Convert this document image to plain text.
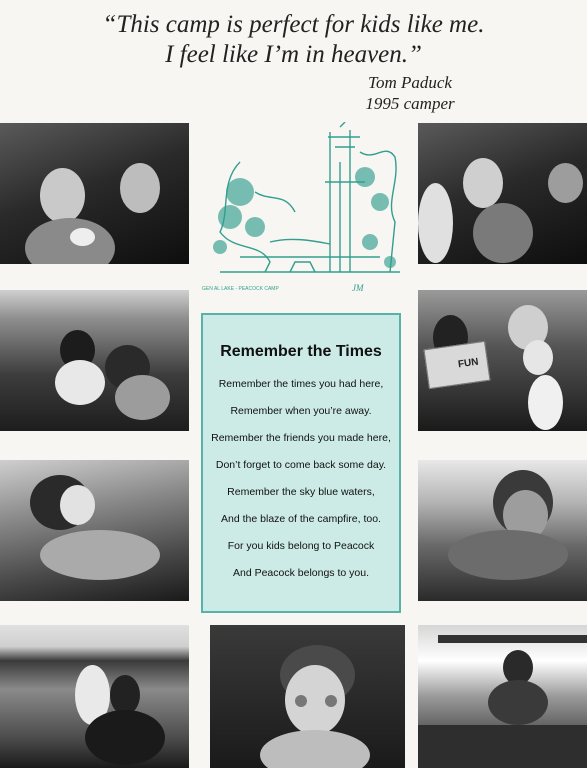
“This camp is perfect for kids like me.
I feel like I’m in heaven.”
Tom Paduck
1995 camper
GEN AL LAKE - PEACOCK CAMP	JM
Remember the Times
Remember the times you had here,
Remember when you’re away.
Remember the friends you made here,
Don’t forget to come back some day.
Remember the sky blue waters,
And the blaze of the campfire, too.
For you kids belong to Peacock
And Peacock belongs to you.
FUN
